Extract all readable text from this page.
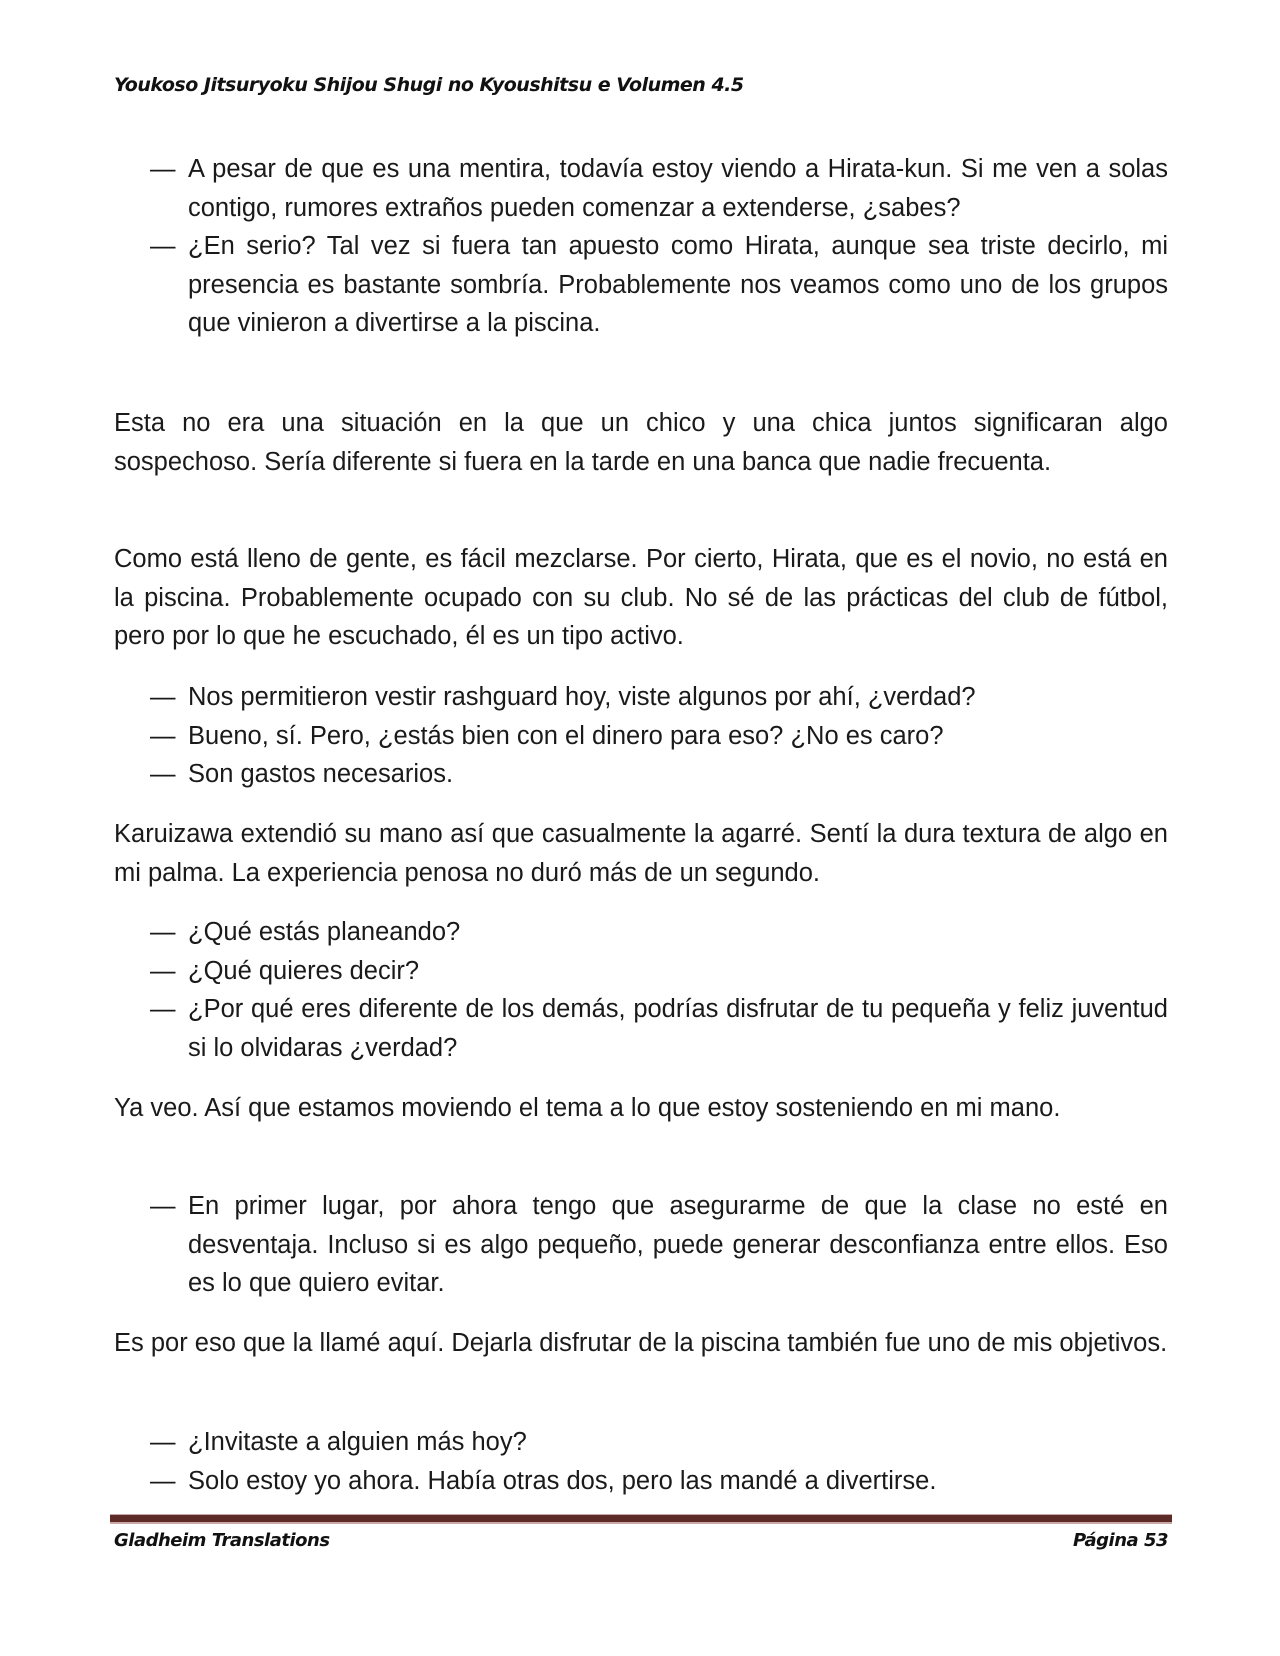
Youkoso Jitsuryoku Shijou Shugi no Kyoushitsu e Volumen 4.5
— A pesar de que es una mentira, todavía estoy viendo a Hirata-kun. Si me ven a solas contigo, rumores extraños pueden comenzar a extenderse, ¿sabes?
— ¿En serio? Tal vez si fuera tan apuesto como Hirata, aunque sea triste decirlo, mi presencia es bastante sombría. Probablemente nos veamos como uno de los grupos que vinieron a divertirse a la piscina.
Esta no era una situación en la que un chico y una chica juntos significaran algo sospechoso. Sería diferente si fuera en la tarde en una banca que nadie frecuenta.
Como está lleno de gente, es fácil mezclarse. Por cierto, Hirata, que es el novio, no está en la piscina. Probablemente ocupado con su club. No sé de las prácticas del club de fútbol, pero por lo que he escuchado, él es un tipo activo.
— Nos permitieron vestir rashguard hoy, viste algunos por ahí, ¿verdad?
— Bueno, sí. Pero, ¿estás bien con el dinero para eso? ¿No es caro?
— Son gastos necesarios.
Karuizawa extendió su mano así que casualmente la agarré. Sentí la dura textura de algo en mi palma. La experiencia penosa no duró más de un segundo.
— ¿Qué estás planeando?
— ¿Qué quieres decir?
— ¿Por qué eres diferente de los demás, podrías disfrutar de tu pequeña y feliz juventud si lo olvidaras ¿verdad?
Ya veo. Así que estamos moviendo el tema a lo que estoy sosteniendo en mi mano.
— En primer lugar, por ahora tengo que asegurarme de que la clase no esté en desventaja. Incluso si es algo pequeño, puede generar desconfianza entre ellos. Eso es lo que quiero evitar.
Es por eso que la llamé aquí. Dejarla disfrutar de la piscina también fue uno de mis objetivos.
— ¿Invitaste a alguien más hoy?
— Solo estoy yo ahora. Había otras dos, pero las mandé a divertirse.
Gladheim Translations	Página 53
